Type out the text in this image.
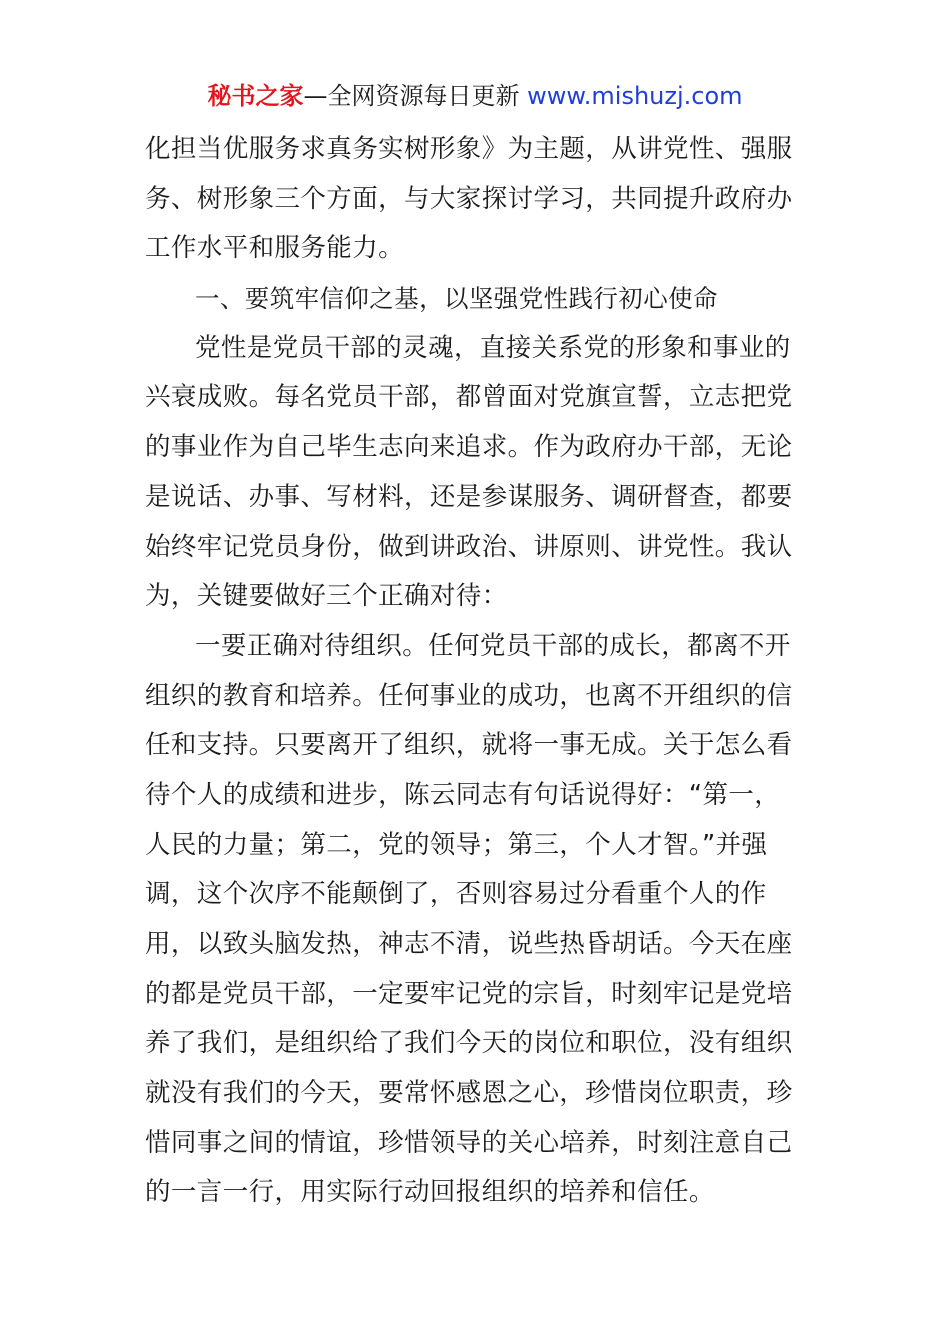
秘书之家—全网资源每日更新 www.mishuzj.com
化担当优服务求真务实树形象》为主题，从讲党性、强服
务、树形象三个方面，与大家探讨学习，共同提升政府办
工作水平和服务能力。
一、要筑牢信仰之基，以坚强党性践行初心使命
党性是党员干部的灵魂，直接关系党的形象和事业的
兴衰成败。每名党员干部，都曾面对党旗宣誓，立志把党
的事业作为自己毕生志向来追求。作为政府办干部，无论
是说话、办事、写材料，还是参谋服务、调研督查，都要
始终牢记党员身份，做到讲政治、讲原则、讲党性。我认
为，关键要做好三个正确对待：
一要正确对待组织。任何党员干部的成长，都离不开
组织的教育和培养。任何事业的成功，也离不开组织的信
任和支持。只要离开了组织，就将一事无成。关于怎么看
待个人的成绩和进步，陈云同志有句话说得好：“第一，
人民的力量；第二，党的领导；第三，个人才智。”并强
调，这个次序不能颠倒了，否则容易过分看重个人的作
用，以致头脑发热，神志不清，说些热昏胡话。今天在座
的都是党员干部，一定要牢记党的宗旨，时刻牢记是党培
养了我们，是组织给了我们今天的岗位和职位，没有组织
就没有我们的今天，要常怀感恩之心，珍惜岗位职责，珍
惜同事之间的情谊，珍惜领导的关心培养，时刻注意自己
的一言一行，用实际行动回报组织的培养和信任。
